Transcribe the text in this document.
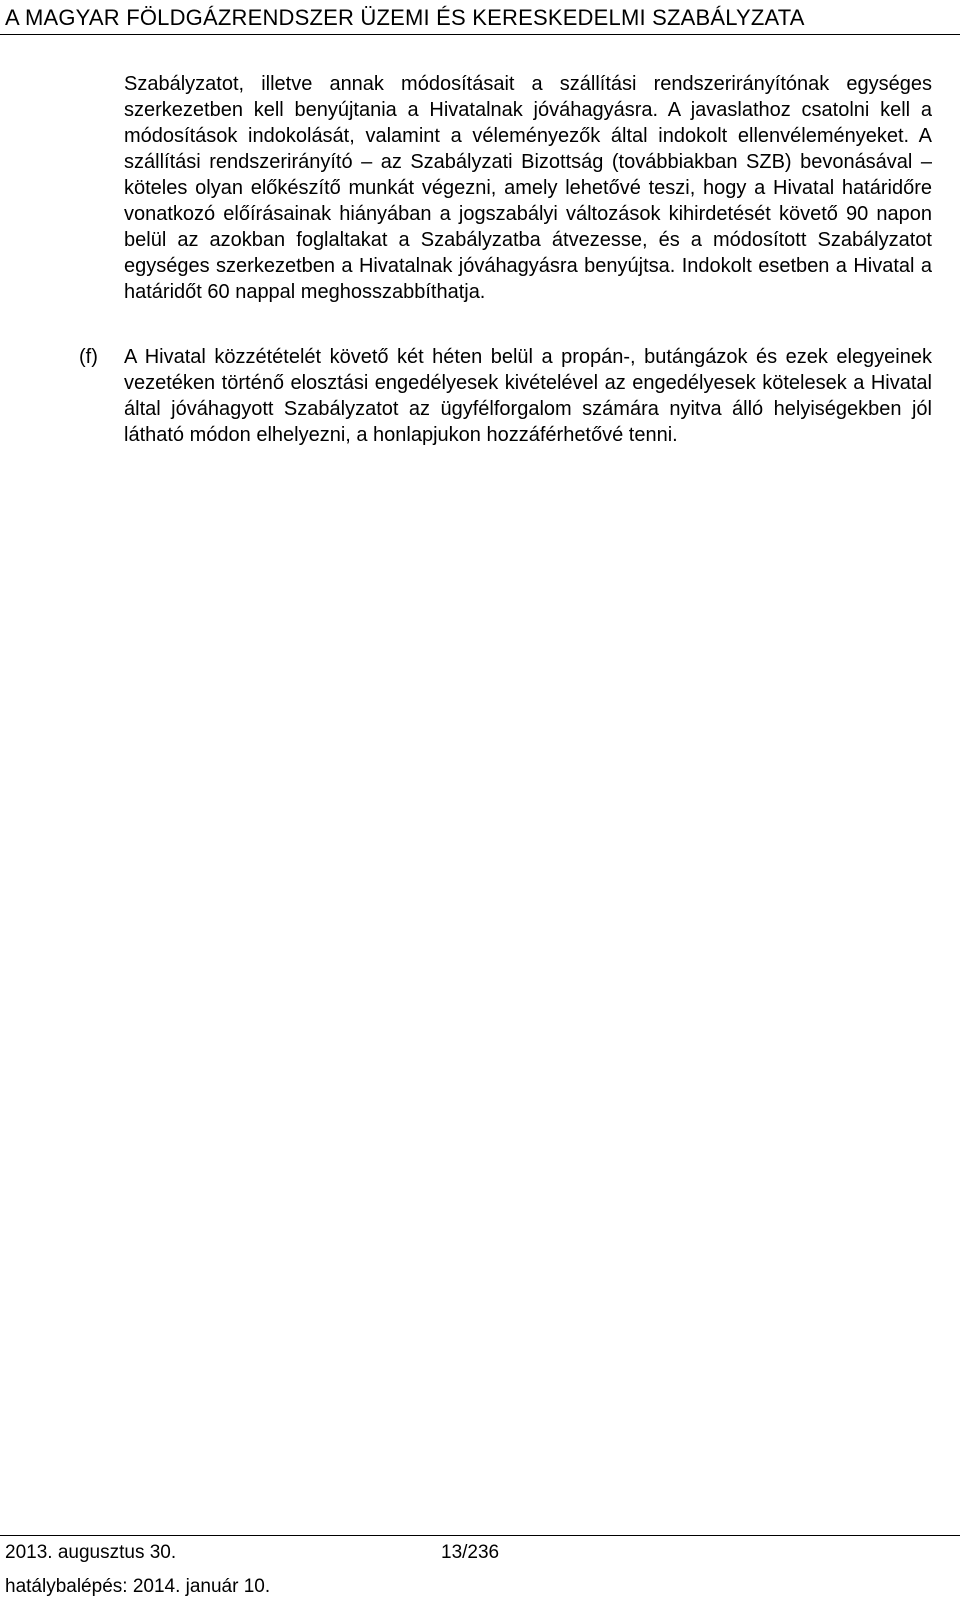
A MAGYAR FÖLDGÁZRENDSZER ÜZEMI ÉS KERESKEDELMI SZABÁLYZATA
Szabályzatot, illetve annak módosításait a szállítási rendszerirányítónak egységes szerkezetben kell benyújtania a Hivatalnak jóváhagyásra. A javaslathoz csatolni kell a módosítások indokolását, valamint a véleményezők által indokolt ellenvéleményeket. A szállítási rendszerirányító – az Szabályzati Bizottság (továbbiakban SZB) bevonásával – köteles olyan előkészítő munkát végezni, amely lehetővé teszi, hogy a Hivatal határidőre vonatkozó előírásainak hiányában a jogszabályi változások kihirdetését követő 90 napon belül az azokban foglaltakat a Szabályzatba átvezesse, és a módosított Szabályzatot egységes szerkezetben a Hivatalnak jóváhagyásra benyújtsa. Indokolt esetben a Hivatal a határidőt 60 nappal meghosszabbíthatja.
(f) A Hivatal közzétételét követő két héten belül a propán-, butángázok és ezek elegyeinek vezetéken történő elosztási engedélyesek kivételével az engedélyesek kötelesek a Hivatal által jóváhagyott Szabályzatot az ügyfélforgalom számára nyitva álló helyiségekben jól látható módon elhelyezni, a honlapjukon hozzáférhetővé tenni.
2013. augusztus 30.	13/236
hatálybalépés: 2014. január 10.
